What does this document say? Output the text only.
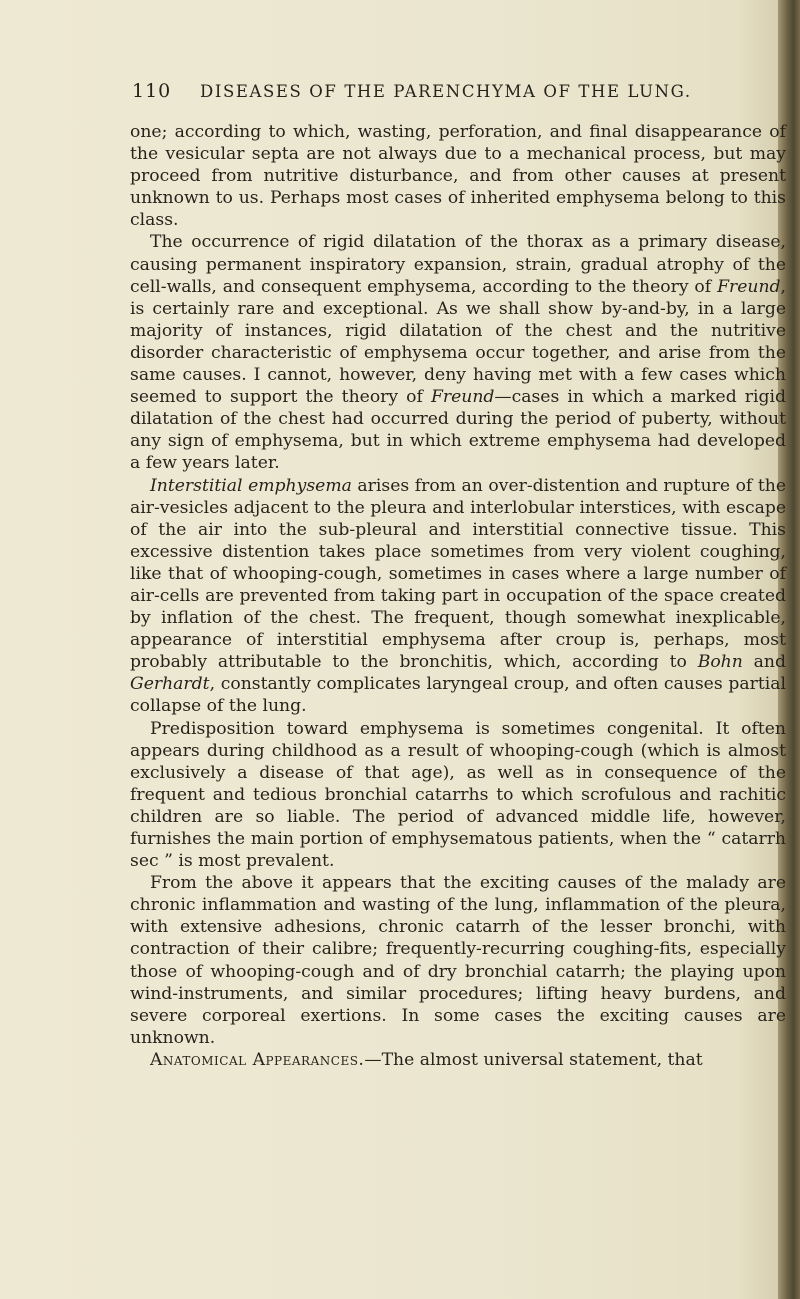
110 DISEASES OF THE PARENCHYMA OF THE LUNG.

one; according to which, wasting, perforation, and final disappearance of the vesicular septa are not always due to a mechanical process, but may proceed from nutritive disturbance, and from other causes at present unknown to us. Perhaps most cases of inherited emphysema belong to this class.

The occurrence of rigid dilatation of the thorax as a primary disease, causing permanent inspiratory expansion, strain, gradual atrophy of the cell-walls, and consequent emphysema, according to the theory of Freund, is certainly rare and exceptional. As we shall show by-and-by, in a large majority of instances, rigid dilatation of the chest and the nutritive disorder characteristic of emphysema occur together, and arise from the same causes. I cannot, however, deny having met with a few cases which seemed to support the theory of Freund—cases in which a marked rigid dilatation of the chest had occurred during the period of puberty, without any sign of emphysema, but in which extreme emphysema had developed a few years later.

Interstitial emphysema arises from an over-distention and rupture of the air-vesicles adjacent to the pleura and interlobular interstices, with escape of the air into the sub-pleural and interstitial connective tissue. This excessive distention takes place sometimes from very violent coughing, like that of whooping-cough, sometimes in cases where a large number of air-cells are prevented from taking part in occupation of the space created by inflation of the chest. The frequent, though somewhat inexplicable, appearance of interstitial emphysema after croup is, perhaps, most probably attributable to the bronchitis, which, according to Bohn and Gerhardt, constantly complicates laryngeal croup, and often causes partial collapse of the lung.

Predisposition toward emphysema is sometimes congenital. It often appears during childhood as a result of whooping-cough (which is almost exclusively a disease of that age), as well as in consequence of the frequent and tedious bronchial catarrhs to which scrofulous and rachitic children are so liable. The period of advanced middle life, however, furnishes the main portion of emphysematous patients, when the “ catarrh sec ” is most prevalent.

From the above it appears that the exciting causes of the malady are chronic inflammation and wasting of the lung, inflammation of the pleura, with extensive adhesions, chronic catarrh of the lesser bronchi, with contraction of their calibre; frequently-recurring coughing-fits, especially those of whooping-cough and of dry bronchial catarrh; the playing upon wind-instruments, and similar procedures; lifting heavy burdens, and severe corporeal exertions. In some cases the exciting causes are unknown.

Anatomical Appearances.—The almost universal statement, that
